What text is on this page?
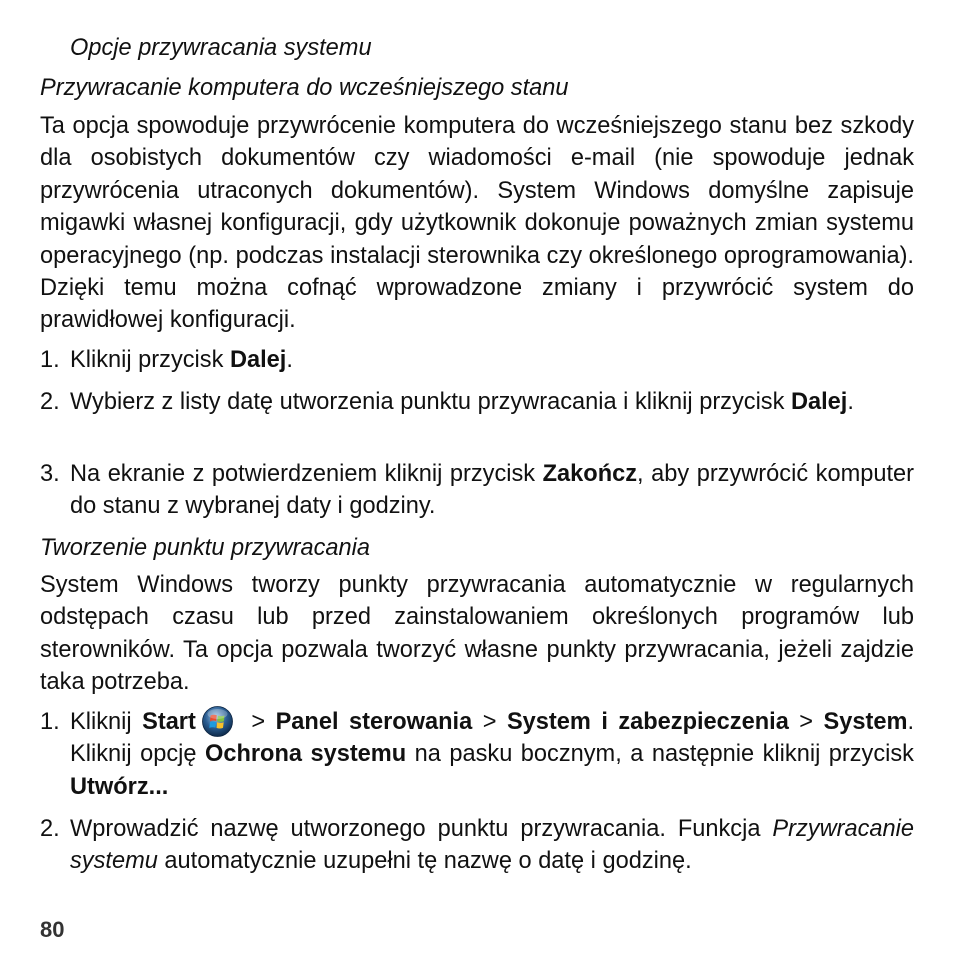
Opcje przywracania systemu
Przywracanie komputera do wcześniejszego stanu
Ta opcja spowoduje przywrócenie komputera do wcześniejszego stanu bez szkody dla osobistych dokumentów czy wiadomości e-mail (nie spowoduje jednak przywrócenia utraconych dokumentów). System Windows domyślne zapisuje migawki własnej konfiguracji, gdy użytkownik dokonuje poważnych zmian systemu operacyjnego (np. podczas instalacji sterownika czy określonego oprogramowania). Dzięki temu można cofnąć wprowadzone zmiany i przywrócić system do prawidłowej konfiguracji.
1. Kliknij przycisk Dalej.
2. Wybierz z listy datę utworzenia punktu przywracania i kliknij przycisk Dalej.
3. Na ekranie z potwierdzeniem kliknij przycisk Zakończ, aby przywrócić komputer do stanu z wybranej daty i godziny.
Tworzenie punktu przywracania
System Windows tworzy punkty przywracania automatycznie w regularnych odstępach czasu lub przed zainstalowaniem określonych programów lub sterowników. Ta opcja pozwala tworzyć własne punkty przywracania, jeżeli zajdzie taka potrzeba.
1. Kliknij Start > Panel sterowania > System i zabezpieczenia > System. Kliknij opcję Ochrona systemu na pasku bocznym, a następnie kliknij przycisk Utwórz...
2. Wprowadzić nazwę utworzonego punktu przywracania. Funkcja Przywracanie systemu automatycznie uzupełni tę nazwę o datę i godzinę.
80
